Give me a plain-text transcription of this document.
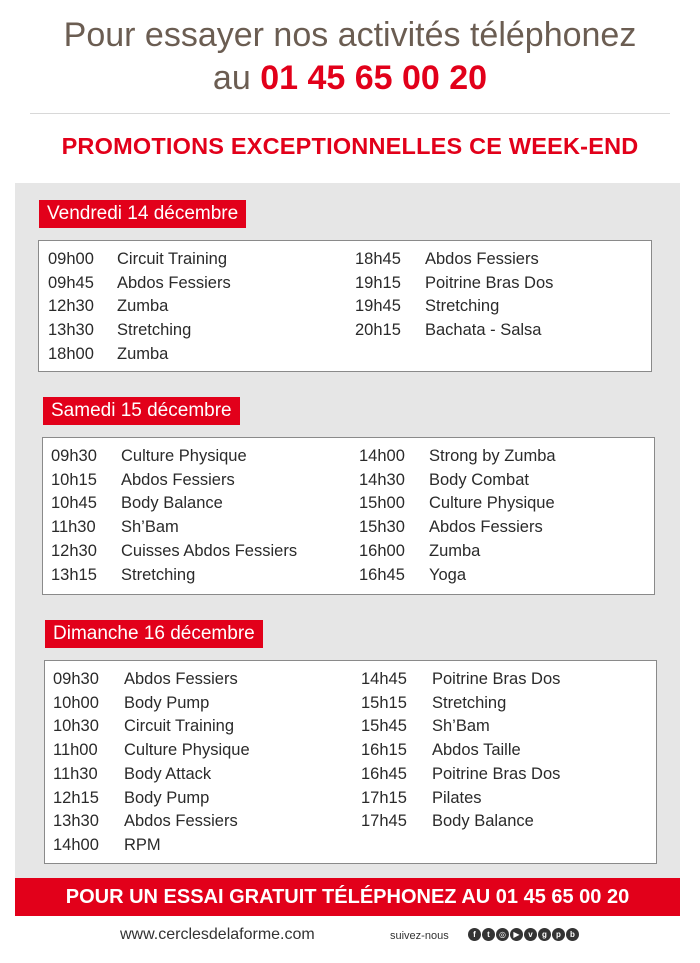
Pour essayer nos activités téléphonez
au 01 45 65 00 20
PROMOTIONS EXCEPTIONNELLES CE WEEK-END
Vendredi 14 décembre
09h00	Circuit Training
09h45	Abdos Fessiers
12h30	Zumba
13h30	Stretching
18h00	Zumba
18h45	Abdos Fessiers
19h15	Poitrine Bras Dos
19h45	Stretching
20h15	Bachata - Salsa
Samedi 15 décembre
09h30	Culture Physique
10h15	Abdos Fessiers
10h45	Body Balance
11h30	Sh’Bam
12h30	Cuisses Abdos Fessiers
13h15	Stretching
14h00	Strong by Zumba
14h30	Body Combat
15h00	Culture Physique
15h30	Abdos Fessiers
16h00	Zumba
16h45	Yoga
Dimanche 16 décembre
09h30	Abdos Fessiers
10h00	Body Pump
10h30	Circuit Training
11h00	Culture Physique
11h30	Body Attack
12h15	Body Pump
13h30	Abdos Fessiers
14h00	RPM
14h45	Poitrine Bras Dos
15h15	Stretching
15h45	Sh’Bam
16h15	Abdos Taille
16h45	Poitrine Bras Dos
17h15	Pilates
17h45	Body Balance
POUR UN ESSAI GRATUIT TÉLÉPHONEZ AU 01 45 65 00 20
www.cerclesdelaforme.com	suivez-nous	f	t	◎ ▶	v	g	p	b
